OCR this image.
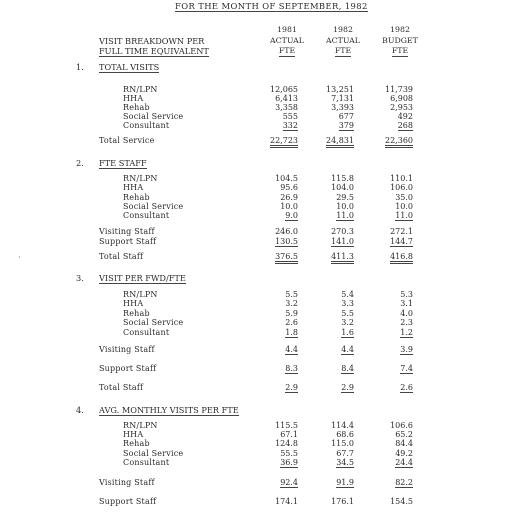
FOR THE MONTH OF SEPTEMBER, 1982
VISIT BREAKDOWN PER
FULL TIME EQUIVALENT
1981
ACTUAL
FTE
1982
ACTUAL
FTE
1982
BUDGET
FTE
1. TOTAL VISITS
RN/LPN	12,065	13,251	11,739
HHA	6,413	7,131	6,908
Rehab	3,358	3,393	2,953
Social Service	555	677	492
Consultant	332	379	268
Total Service	22,723	24,831	22,360
2. FTE STAFF
RN/LPN	104.5	115.8	110.1
HHA	95.6	104.0	106.0
Rehab	26.9	29.5	35.0
Social Service	10.0	10.0	10.0
Consultant	9.0	11.0	11.0
Visiting Staff	246.0	270.3	272.1
Support Staff	130.5	141.0	144.7
Total Staff	376.5	411.3	416.8
3. VISIT PER FWD/FTE
RN/LPN	5.5	5.4	5.3
HHA	3.2	3.3	3.1
Rehab	5.9	5.5	4.0
Social Service	2.6	3.2	2.3
Consultant	1.8	1.6	1.2
Visiting Staff	4.4	4.4	3.9
Support Staff	8.3	8.4	7.4
Total Staff	2.9	2.9	2.6
4. AVG. MONTHLY VISITS PER FTE
RN/LPN	115.5	114.4	106.6
HHA	67.1	68.6	65.2
Rehab	124.8	115.0	84.4
Social Service	55.5	67.7	49.2
Consultant	36.9	34.5	24.4
Visiting Staff	92.4	91.9	82.2
Support Staff	174.1	176.1	154.5
‘
